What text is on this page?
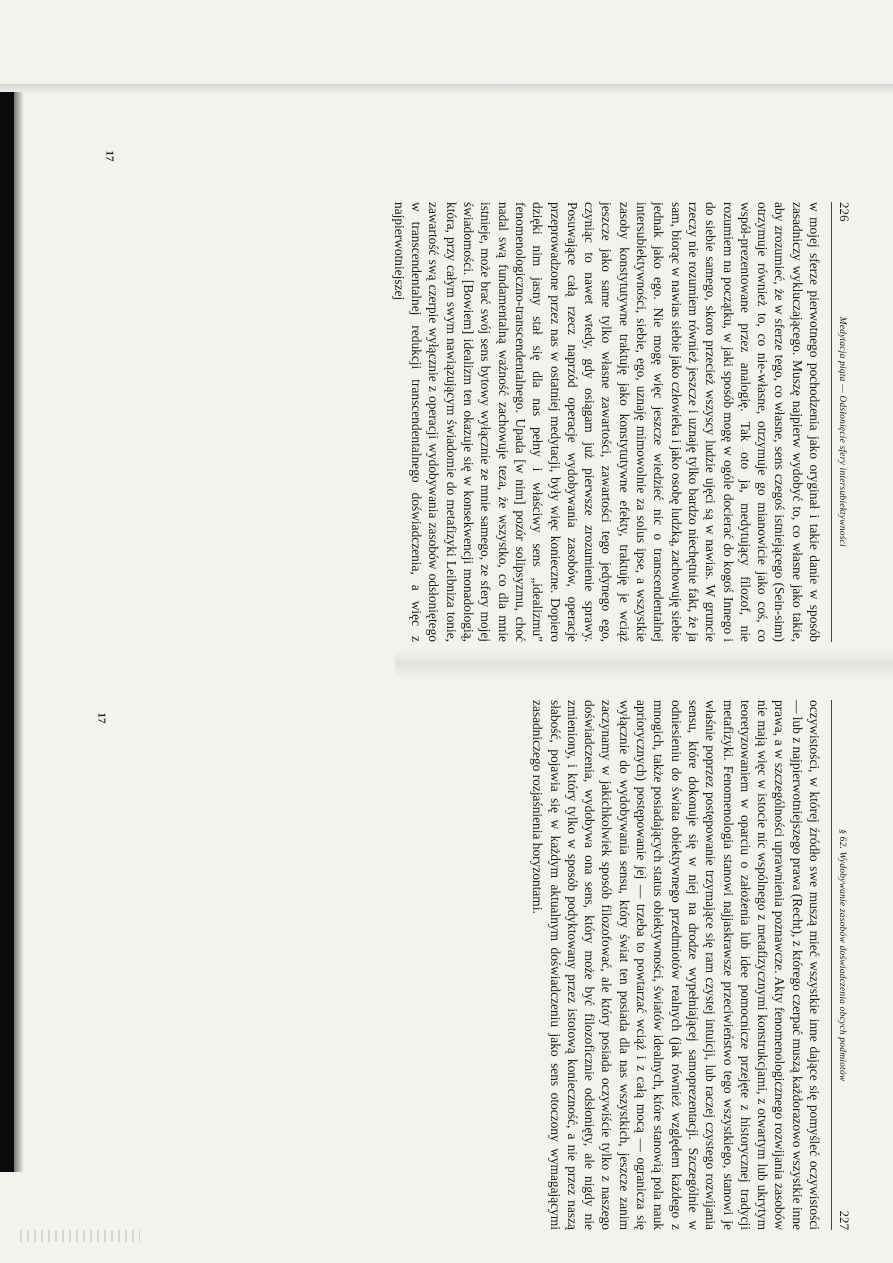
226
Medytacja piąta — Odsłonięcie sfery intersubiektywności

w mojej sferze pierwotnego pochodzenia jako oryginał i takie danie w sposób zasadniczy wykluczającego. Muszę najpierw wydobyć to, co własne jako takie, aby zrozumieć, że w sferze tego, co własne, sens czegoś istniejącego (Sein-sinn) otrzymuje również to, co nie-własne, otrzymuje go mianowicie jako coś, co współ-prezentowane przez analogię. Tak oto ja, medytujący filozof, nie rozumiem na początku, w jaki sposób mogę w ogóle docierać do kogoś Innego i do siebie samego, skoro przecież wszyscy ludzie ujęci są w nawias. W gruncie rzeczy nie rozumiem również jeszcze i uznaję tylko bardzo niechętnie fakt, że ja sam, biorąc w nawias siebie jako człowieka i jako osobę ludzką, zachowuję siebie jednak jako ego. Nie mogę więc jeszcze wiedzieć nic o transcendentalnej intersubiektywności, siebie, ego, uznaję mimowolnie za solus ipse, a wszystkie zasoby konstytutywne traktuję jako konstytutywne efekty, traktuję je wciąż jeszcze jako same tylko własne zawartości, zawartości tego jedynego ego, czyniąc to nawet wtedy, gdy osiągam już pierwsze zrozumienie sprawy. Posuwające całą rzecz naprzód operacje wydobywania zasobów, operacje przeprowadzone przez nas w ostatniej medytacji, były więc konieczne. Dopiero dzięki nim jasny stał się dla nas pełny i właściwy sens „idealizmu” fenomenologiczno-transcendentalnego. Upada [w nim] pozór solipsyzmu, choć nadal swą fundamentalną ważność zachowuje teza, że wszystko, co dla mnie istnieje, może brać swój sens bytowy wyłącznie ze mnie samego, ze sfery mojej świadomości. [Bowiem] idealizm ten okazuje się w konsekwencji monadologią, która, przy całym swym nawiązującym świadomie do metafizyki Leibniza tonie, zawartość swą czerpie wyłącznie z operacji wydobywania zasobów odsłoniętego w transcendentalnej redukcji transcendentalnego doświadczenia, a więc z najpierwotniejszej

§ 62. Wydobywanie zasobów doświadczenia obcych podmiotów
227

oczywistości, w której źródło swe muszą mieć wszystkie inne dające się pomyśleć oczywistości — lub z najpierwotniejszego prawa (Recht), z którego czerpać muszą każdorazowo wszystkie inne prawa, a w szczególności uprawnienia poznawcze. Akty fenomenologicznego rozwijania zasobów nie mają więc w istocie nic wspólnego z metafizycznymi konstrukcjami, z otwartym lub ukrytym teoretyzowaniem w oparciu o założenia lub idee pomocnicze przejęte z historycznej tradycji metafizyki. Fenomenologia stanowi najjaskrawsze przeciwieństwo tego wszystkiego, stanowi je właśnie poprzez postępowanie trzymające się ram czystej intuicji, lub raczej czystego rozwijania sensu, które dokonuje się w niej na drodze wypełniającej samoprezentacji. Szczególnie w odniesieniu do świata obiektywnego przedmiotów realnych (jak również względem każdego z mnogich, także posiadających status obiektywności, światów idealnych, które stanowią pola nauk apriorycznych) postępowanie jej — trzeba to powtarzać wciąż i z całą mocą — ogranicza się wyłącznie do wydobywania sensu, który świat ten posiada dla nas wszystkich, jeszcze zanim zaczynamy w jakichkolwiek sposób filozofować, ale który posiada oczywiście tylko z naszego doświadczenia, wydobywa ona sens, który może być filozoficznie odsłonięty, ale nigdy nie zmieniony, i który tylko w sposób podyktowany przez istotową konieczność, a nie przez naszą słabość, pojawia się w każdym aktualnym doświadczeniu jako sens otoczony wymagającymi zasadniczego rozjaśnienia horyzontami.

17
17
